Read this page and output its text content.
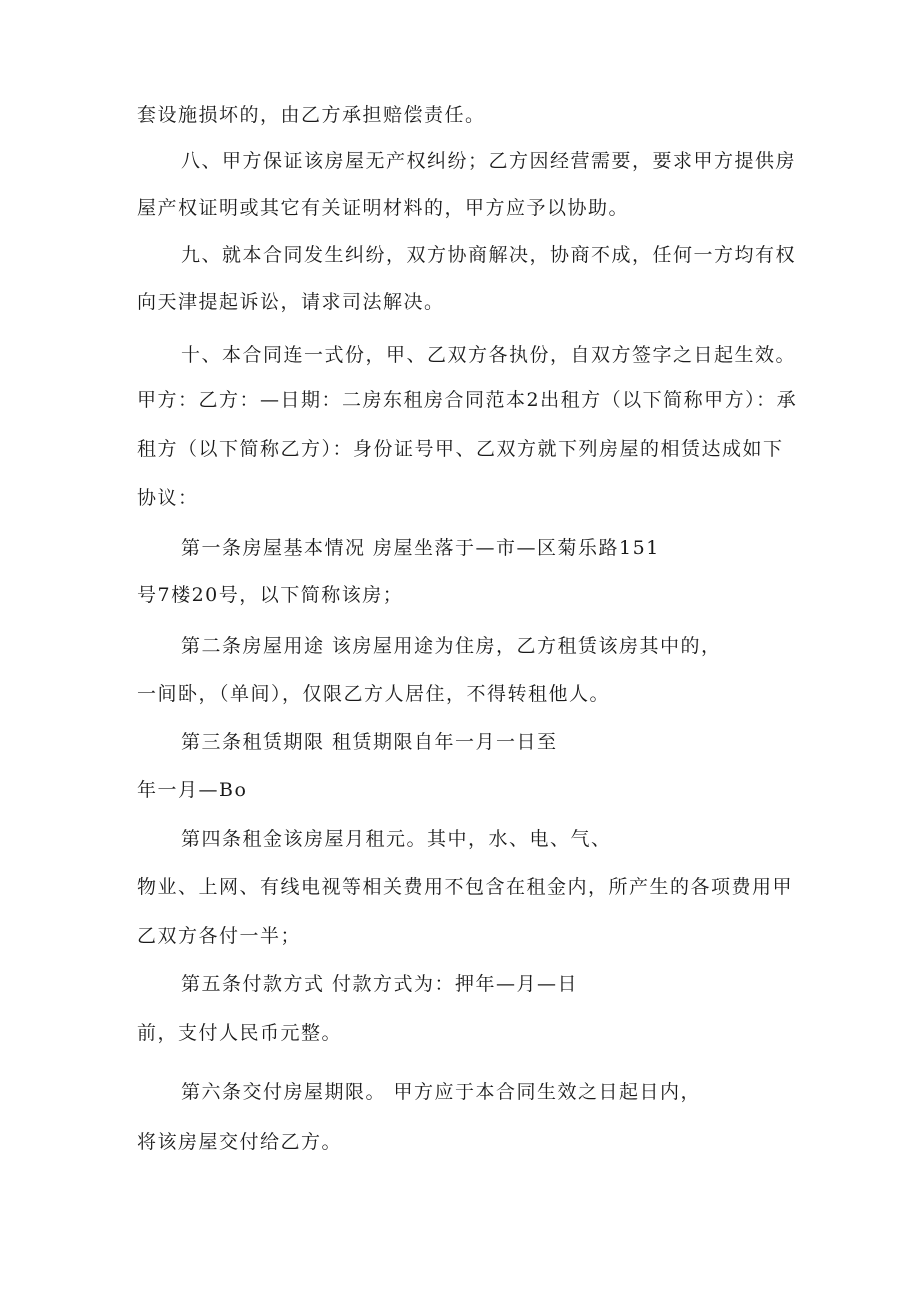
套设施损坏的，由乙方承担赔偿责任。
八、甲方保证该房屋无产权纠纷；乙方因经营需要，要求甲方提供房
屋产权证明或其它有关证明材料的，甲方应予以协助。
九、就本合同发生纠纷，双方协商解决，协商不成，任何一方均有权
向天津提起诉讼，请求司法解决。
十、本合同连一式份，甲、乙双方各执份，自双方签字之日起生效。
甲方：乙方：—日期：二房东租房合同范本2出租方（以下简称甲方）：承
租方（以下简称乙方）：身份证号甲、乙双方就下列房屋的相赁达成如下
协议：
第一条房屋基本情况 房屋坐落于—市—区菊乐路151
号7楼20号，以下简称该房；
第二条房屋用途 该房屋用途为住房，乙方租赁该房其中的，
一间卧，（单间），仅限乙方人居住，不得转租他人。
第三条租赁期限 租赁期限自年一月一日至
年一月—Bo
第四条租金该房屋月租元。其中，水、电、气、
物业、上网、有线电视等相关费用不包含在租金内，所产生的各项费用甲
乙双方各付一半；
第五条付款方式 付款方式为：押年—月—日
前，支付人民币元整。
第六条交付房屋期限。 甲方应于本合同生效之日起日内，
将该房屋交付给乙方。
